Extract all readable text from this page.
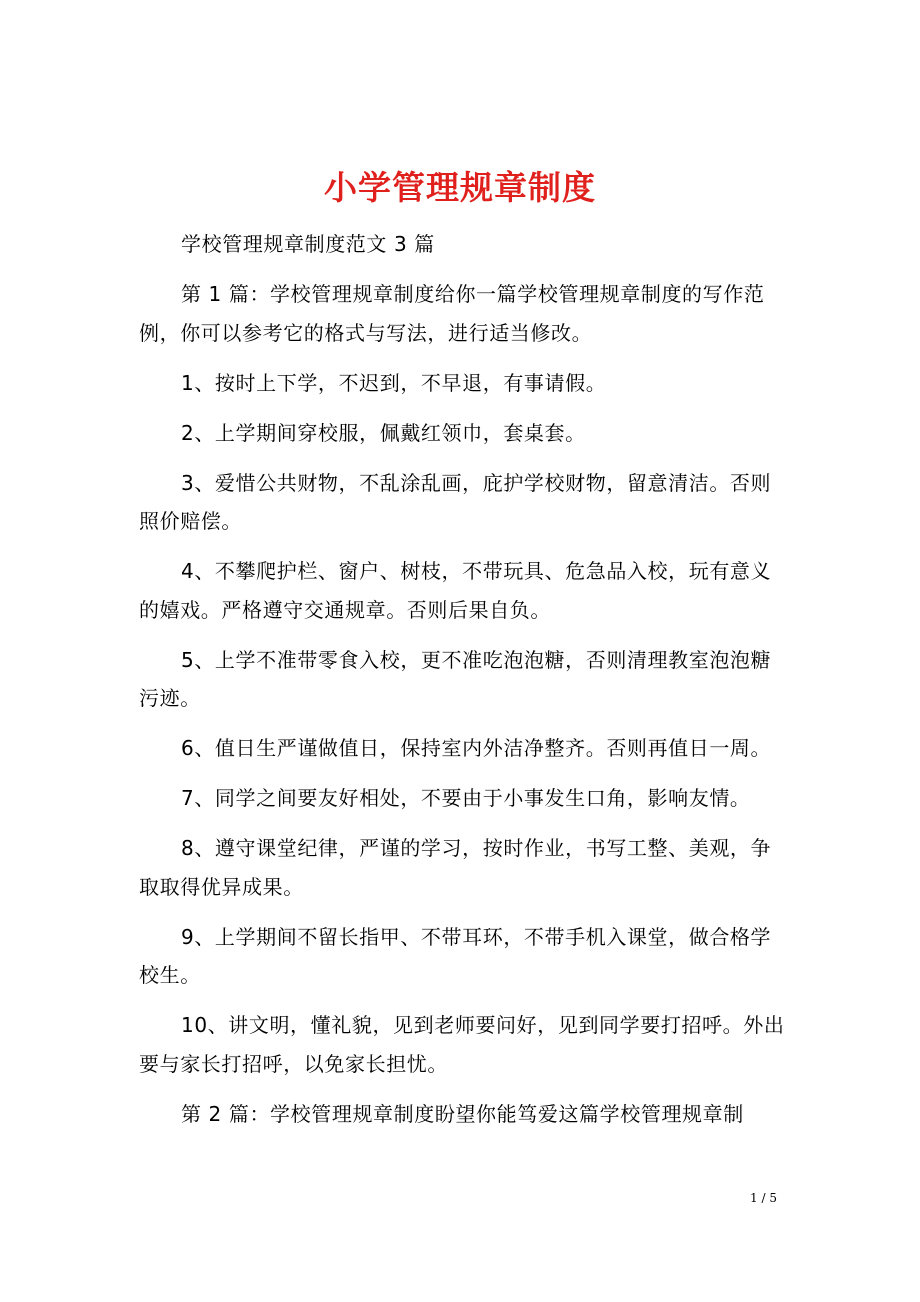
小学管理规章制度

学校管理规章制度范文 3 篇

第 1 篇：学校管理规章制度给你一篇学校管理规章制度的写作范例，你可以参考它的格式与写法，进行适当修改。

1、按时上下学，不迟到，不早退，有事请假。

2、上学期间穿校服，佩戴红领巾，套桌套。

3、爱惜公共财物，不乱涂乱画，庇护学校财物，留意清洁。否则照价赔偿。

4、不攀爬护栏、窗户、树枝，不带玩具、危急品入校，玩有意义的嬉戏。严格遵守交通规章。否则后果自负。

5、上学不准带零食入校，更不准吃泡泡糖，否则清理教室泡泡糖污迹。

6、值日生严谨做值日，保持室内外洁净整齐。否则再值日一周。

7、同学之间要友好相处，不要由于小事发生口角，影响友情。

8、遵守课堂纪律，严谨的学习，按时作业，书写工整、美观，争取取得优异成果。

9、上学期间不留长指甲、不带耳环，不带手机入课堂，做合格学校生。

10、讲文明，懂礼貌，见到老师要问好，见到同学要打招呼。外出要与家长打招呼，以免家长担忧。

第 2 篇：学校管理规章制度盼望你能笃爱这篇学校管理规章制

1 / 5
